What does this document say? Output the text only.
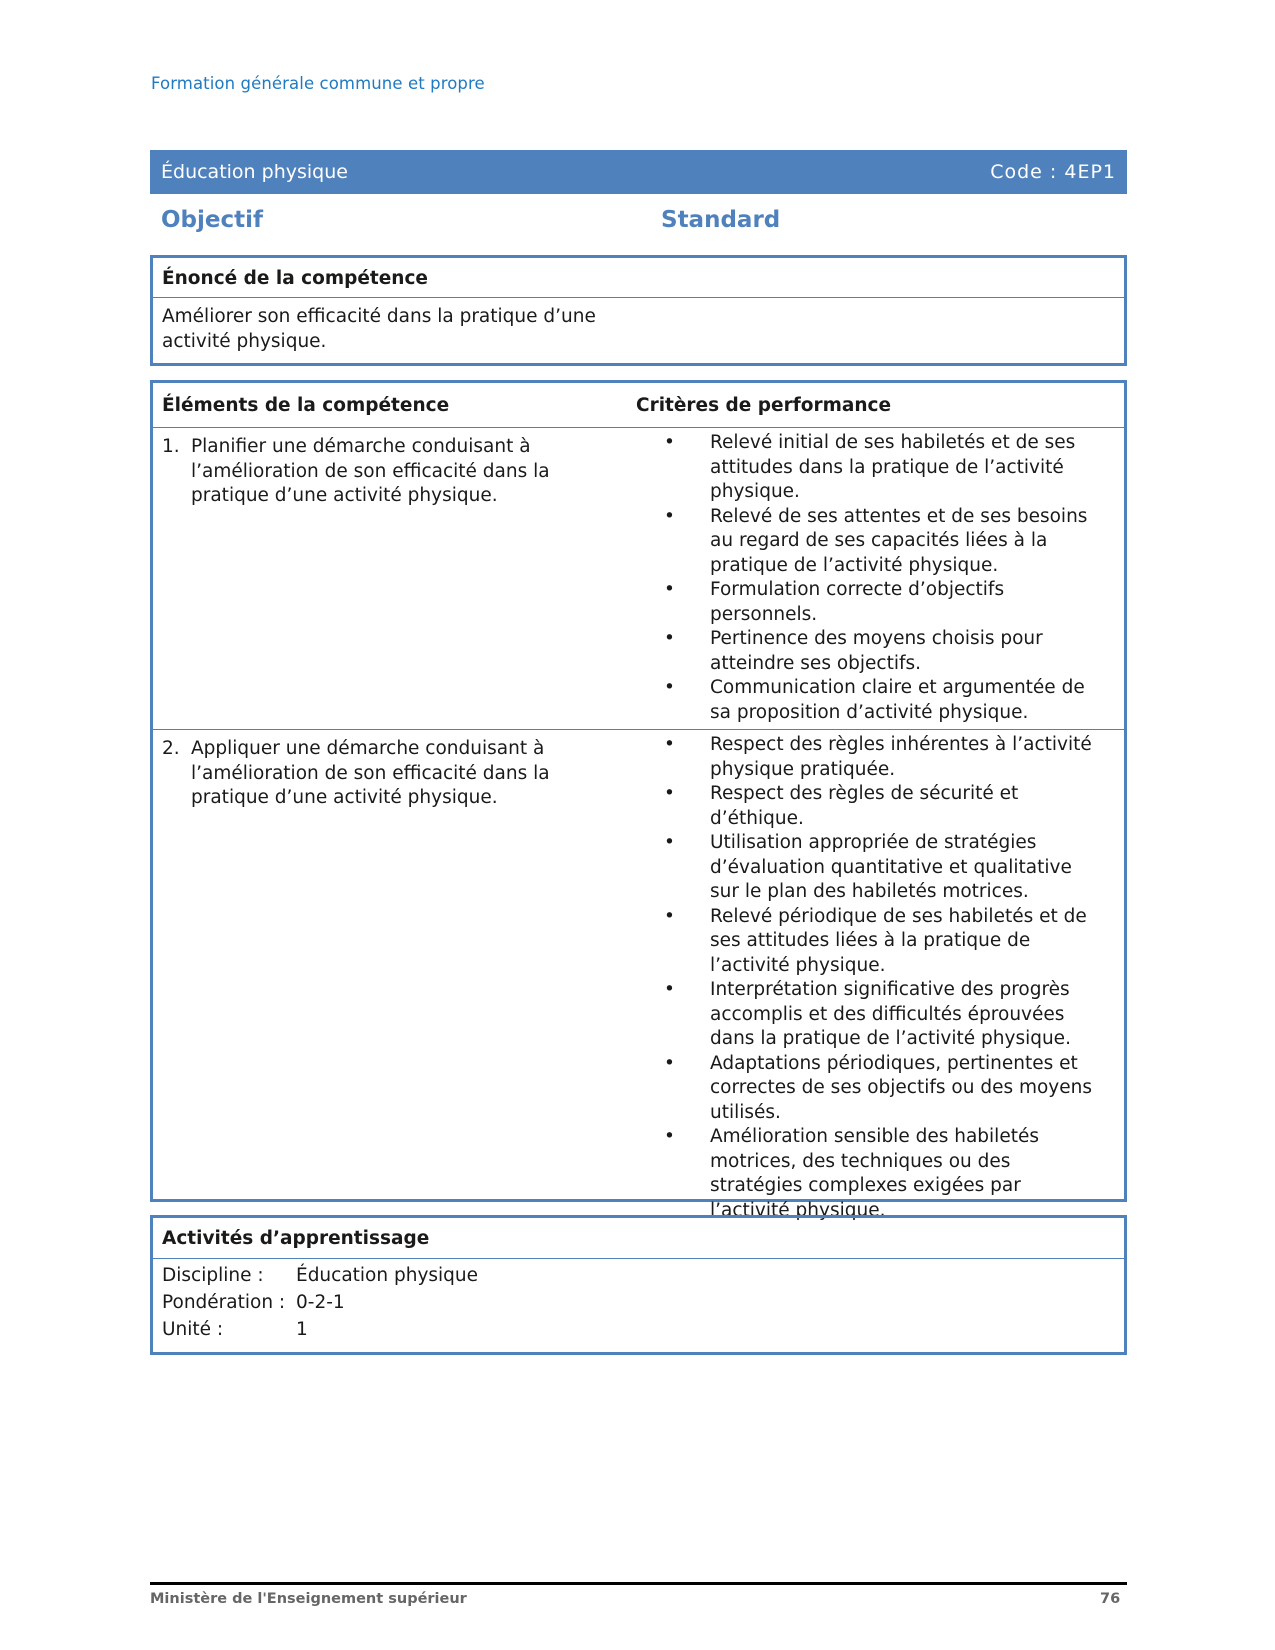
Formation générale commune et propre
Éducation physique	Code : 4EP1
Objectif	Standard
Énoncé de la compétence
Améliorer son efficacité dans la pratique d’une activité physique.
Éléments de la compétence	Critères de performance
1. Planifier une démarche conduisant à l’amélioration de son efficacité dans la pratique d’une activité physique.
•	Relevé initial de ses habiletés et de ses attitudes dans la pratique de l’activité physique.
•	Relevé de ses attentes et de ses besoins au regard de ses capacités liées à la pratique de l’activité physique.
•	Formulation correcte d’objectifs personnels.
•	Pertinence des moyens choisis pour atteindre ses objectifs.
•	Communication claire et argumentée de sa proposition d’activité physique.
2. Appliquer une démarche conduisant à l’amélioration de son efficacité dans la pratique d’une activité physique.
•	Respect des règles inhérentes à l’activité physique pratiquée.
•	Respect des règles de sécurité et d’éthique.
•	Utilisation appropriée de stratégies d’évaluation quantitative et qualitative sur le plan des habiletés motrices.
•	Relevé périodique de ses habiletés et de ses attitudes liées à la pratique de l’activité physique.
•	Interprétation significative des progrès accomplis et des difficultés éprouvées dans la pratique de l’activité physique.
•	Adaptations périodiques, pertinentes et correctes de ses objectifs ou des moyens utilisés.
•	Amélioration sensible des habiletés motrices, des techniques ou des stratégies complexes exigées par l’activité physique.
Activités d’apprentissage
Discipline :	Éducation physique
Pondération : 0-2-1
Unité :	1
Ministère de l'Enseignement supérieur	76
